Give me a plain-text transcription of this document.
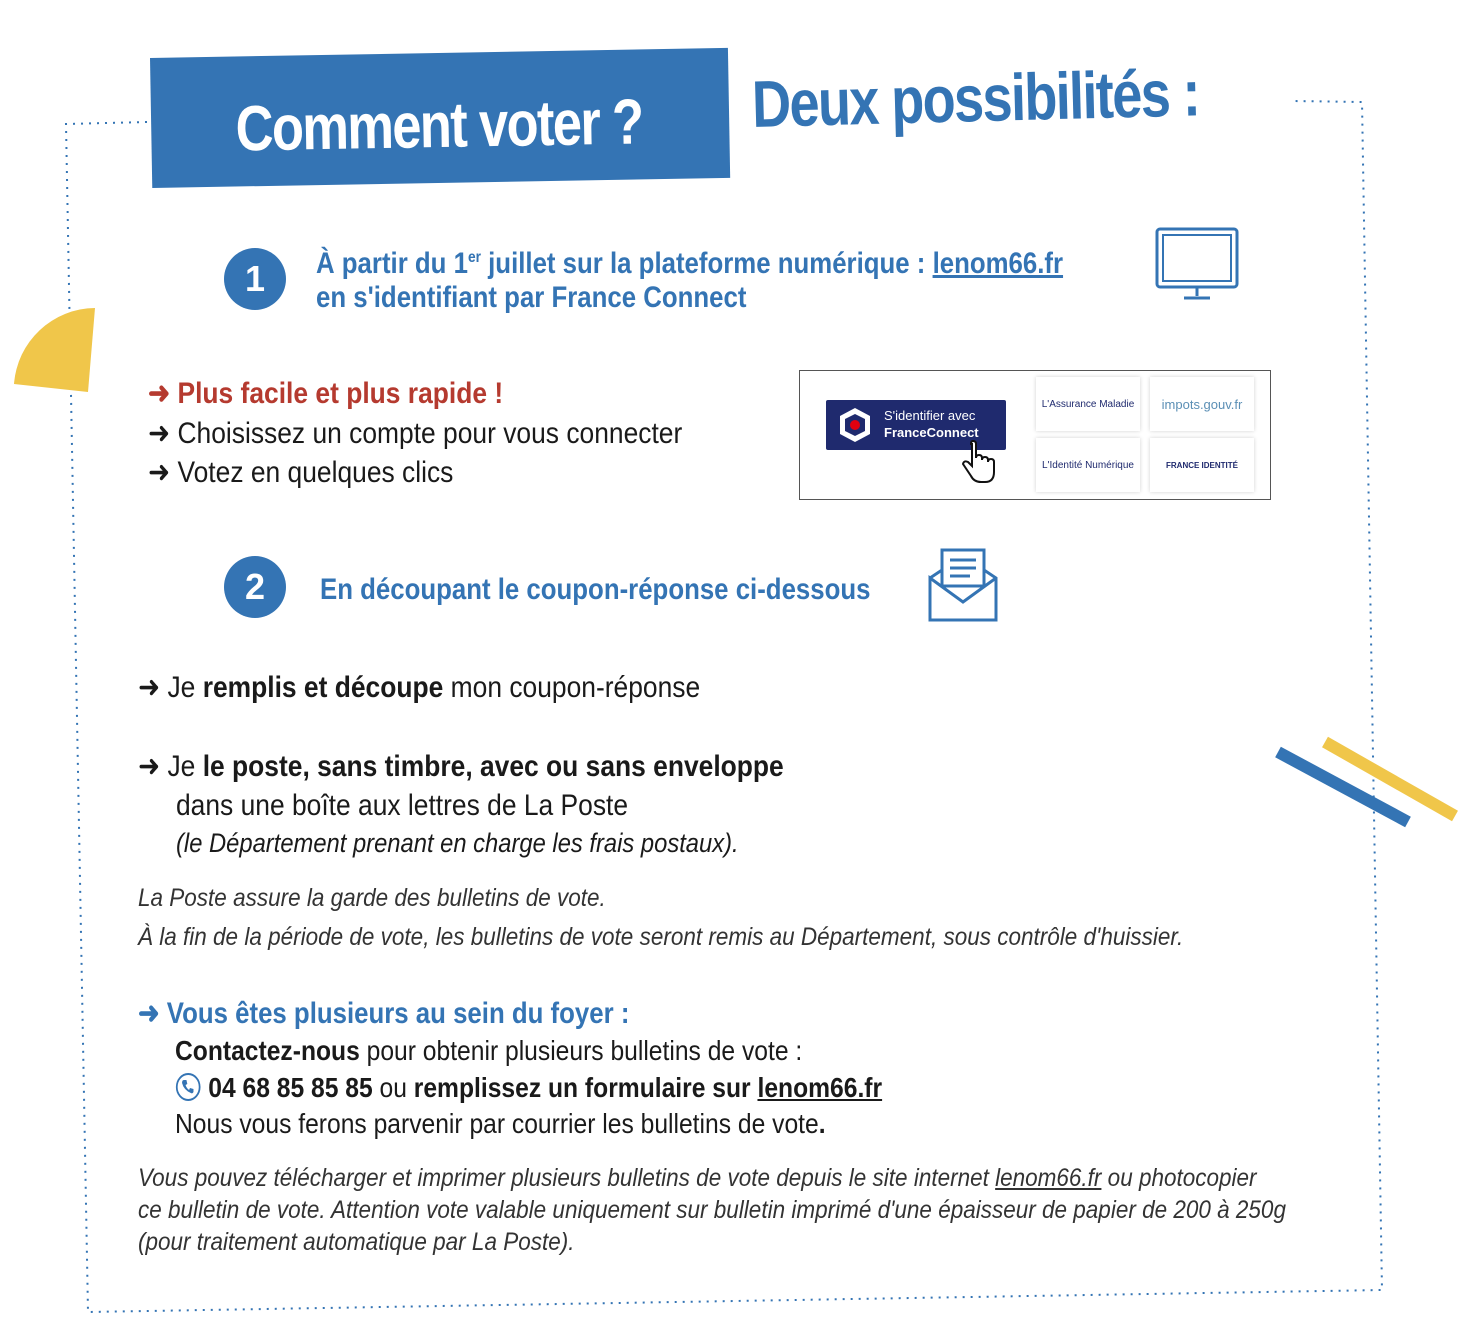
Comment voter ?	Deux possibilités :
1	À partir du 1er juillet sur la plateforme numérique : lenom66.fr
en s'identifiant par France Connect
➜ Plus facile et plus rapide !
➜ Choisissez un compte pour vous connecter
➜ Votez en quelques clics
S'identifier avec
FranceConnect
L'Assurance Maladie impots.gouv.fr
L'Identité Numérique	FRANCE IDENTITÉ
2	En découpant le coupon-réponse ci-dessous
➜ Je remplis et découpe mon coupon-réponse
➜ Je le poste, sans timbre, avec ou sans enveloppe
dans une boîte aux lettres de La Poste
(le Département prenant en charge les frais postaux).
La Poste assure la garde des bulletins de vote.
À la fin de la période de vote, les bulletins de vote seront remis au Département, sous contrôle d'huissier.
➜ Vous êtes plusieurs au sein du foyer :
Contactez-nous pour obtenir plusieurs bulletins de vote :
04 68 85 85 85 ou remplissez un formulaire sur lenom66.fr
Nous vous ferons parvenir par courrier les bulletins de vote.
Vous pouvez télécharger et imprimer plusieurs bulletins de vote depuis le site internet lenom66.fr ou photocopier
ce bulletin de vote. Attention vote valable uniquement sur bulletin imprimé d'une épaisseur de papier de 200 à 250g
(pour traitement automatique par La Poste).
